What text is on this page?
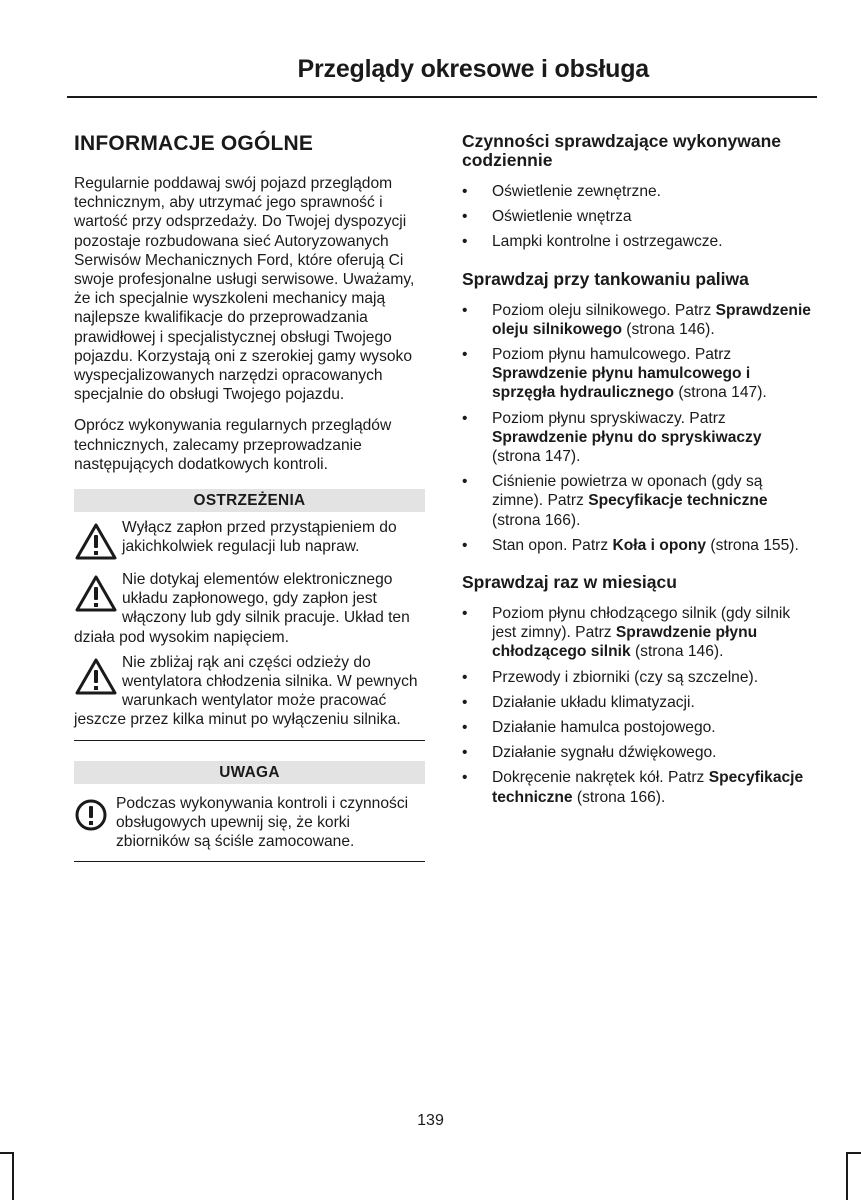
Przeglądy okresowe i obsługa
INFORMACJE OGÓLNE

Regularnie poddawaj swój pojazd przeglądom technicznym, aby utrzymać jego sprawność i wartość przy odsprzedaży. Do Twojej dyspozycji pozostaje rozbudowana sieć Autoryzowanych Serwisów Mechanicznych Ford, które oferują Ci swoje profesjonalne usługi serwisowe. Uważamy, że ich specjalnie wyszkoleni mechanicy mają najlepsze kwalifikacje do przeprowadzania prawidłowej i specjalistycznej obsługi Twojego pojazdu. Korzystają oni z szerokiej gamy wysoko wyspecjalizowanych narzędzi opracowanych specjalnie do obsługi Twojego pojazdu.

Oprócz wykonywania regularnych przeglądów technicznych, zalecamy przeprowadzanie następujących dodatkowych kontroli.

OSTRZEŻENIA
Wyłącz zapłon przed przystąpieniem do jakichkolwiek regulacji lub napraw.
Nie dotykaj elementów elektronicznego układu zapłonowego, gdy zapłon jest włączony lub gdy silnik pracuje. Układ ten działa pod wysokim napięciem.
Nie zbliżaj rąk ani części odzieży do wentylatora chłodzenia silnika. W pewnych warunkach wentylator może pracować jeszcze przez kilka minut po wyłączeniu silnika.
UWAGA
Podczas wykonywania kontroli i czynności obsługowych upewnij się, że korki zbiorników są ściśle zamocowane.
Czynności sprawdzające wykonywane codziennie
• Oświetlenie zewnętrzne.
• Oświetlenie wnętrza
• Lampki kontrolne i ostrzegawcze.
Sprawdzaj przy tankowaniu paliwa
• Poziom oleju silnikowego. Patrz Sprawdzenie oleju silnikowego (strona 146).
• Poziom płynu hamulcowego. Patrz Sprawdzenie płynu hamulcowego i sprzęgła hydraulicznego (strona 147).
• Poziom płynu spryskiwaczy. Patrz Sprawdzenie płynu do spryskiwaczy (strona 147).
• Ciśnienie powietrza w oponach (gdy są zimne). Patrz Specyfikacje techniczne (strona 166).
• Stan opon. Patrz Koła i opony (strona 155).
Sprawdzaj raz w miesiącu
• Poziom płynu chłodzącego silnik (gdy silnik jest zimny). Patrz Sprawdzenie płynu chłodzącego silnik (strona 146).
• Przewody i zbiorniki (czy są szczelne).
• Działanie układu klimatyzacji.
• Działanie hamulca postojowego.
• Działanie sygnału dźwiękowego.
• Dokręcenie nakrętek kół. Patrz Specyfikacje techniczne (strona 166).
139
